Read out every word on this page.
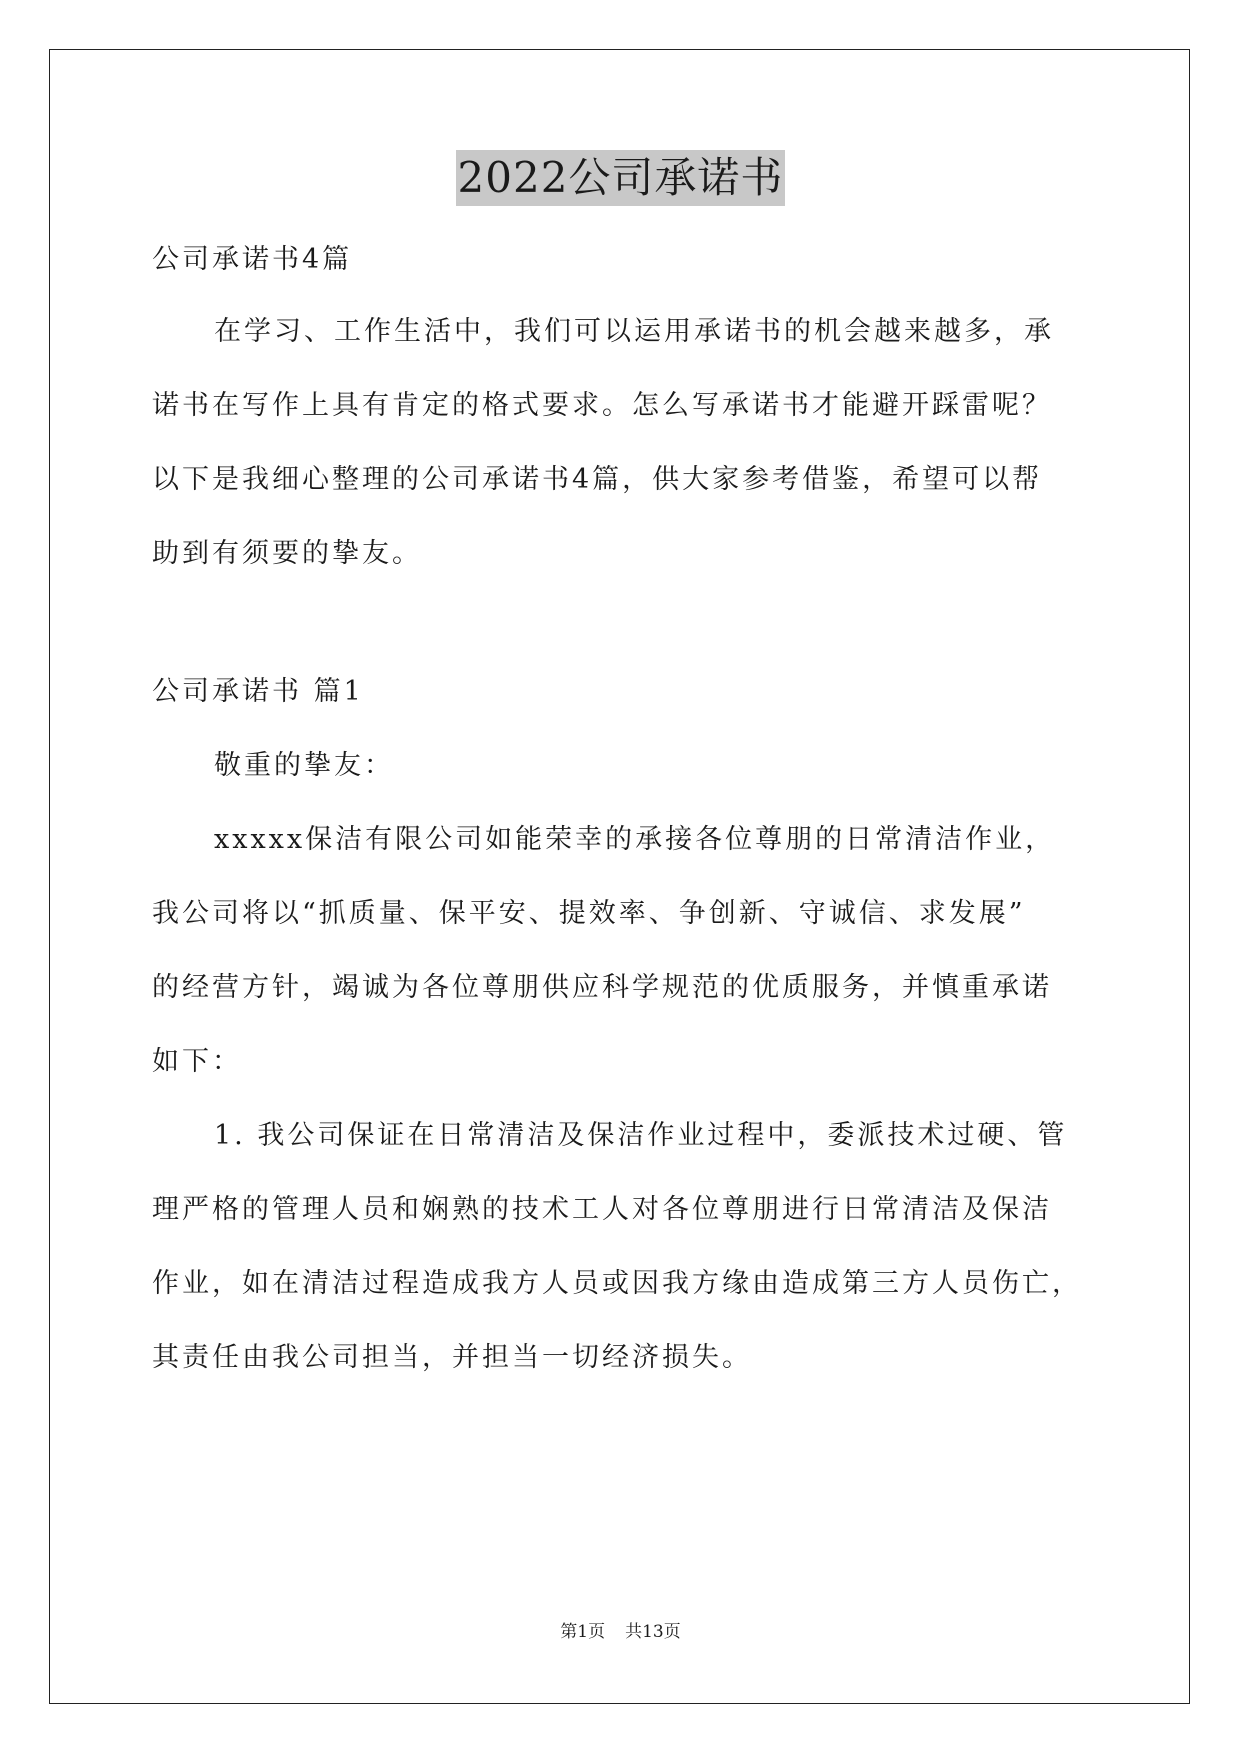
2022公司承诺书
公司承诺书4篇
在学习、工作生活中，我们可以运用承诺书的机会越来越多，承
诺书在写作上具有肯定的格式要求。怎么写承诺书才能避开踩雷呢？
以下是我细心整理的公司承诺书4篇，供大家参考借鉴，希望可以帮
助到有须要的挚友。
公司承诺书 篇1
敬重的挚友：
xxxxx保洁有限公司如能荣幸的承接各位尊朋的日常清洁作业，
我公司将以“抓质量、保平安、提效率、争创新、守诚信、求发展”
的经营方针，竭诚为各位尊朋供应科学规范的优质服务，并慎重承诺
如下：
1. 我公司保证在日常清洁及保洁作业过程中，委派技术过硬、管
理严格的管理人员和娴熟的技术工人对各位尊朋进行日常清洁及保洁
作业，如在清洁过程造成我方人员或因我方缘由造成第三方人员伤亡，
其责任由我公司担当，并担当一切经济损失。
第1页 共13页
